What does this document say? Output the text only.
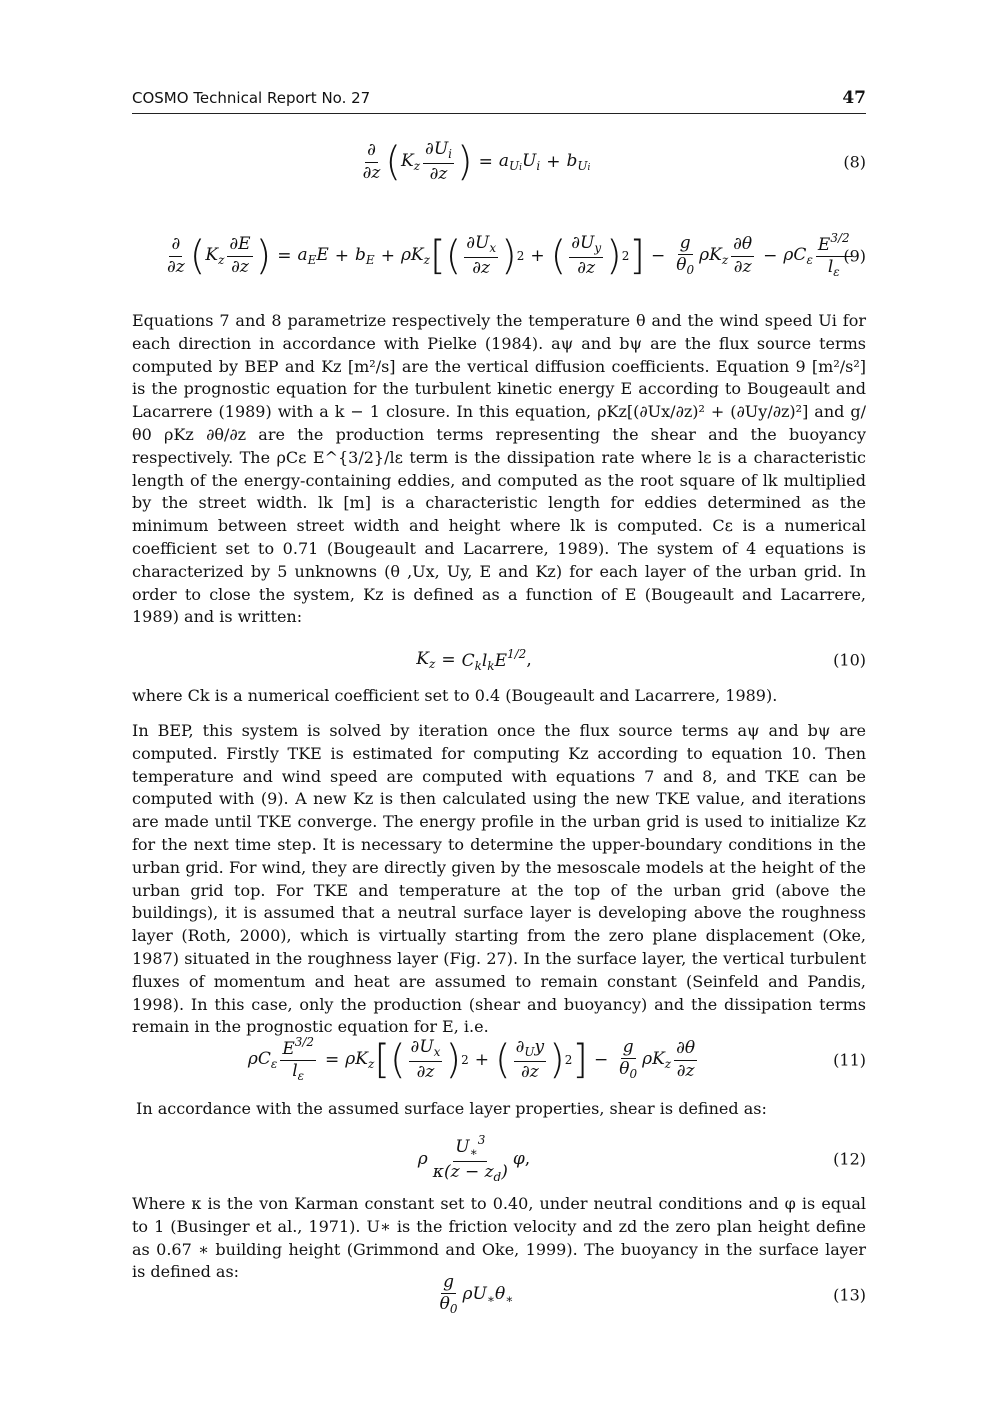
COSMO Technical Report No. 27	47
$\frac{\partial}{\partial z}$ ( $K_z \frac{\partial U_i}{\partial z}$ ) = $a_{Ui}U_i + b_{Ui}$	(8)
$\frac{\partial}{\partial z}$ ( $K_z \frac{\partial E}{\partial z}$ ) = $a_EE + b_E + \rho K_z$ [ ( $\frac{\partial U_x}{\partial z}$ ) 2 + ( $\frac{\partial U_y}{\partial z}$ ) 2 ] − $\frac{g}{\theta_0} \rho K_z \frac{\partial\theta}{\partial z} - \rho C_\varepsilon \frac{E^{3/2}}{l_\varepsilon}$
(9)
Equations 7 and 8 parametrize respectively the temperature θ and the wind speed Ui for each direction in accordance with Pielke (1984). aψ and bψ are the flux source terms computed by BEP and Kz [m²/s] are the vertical diffusion coefficients. Equation 9 [m²/s²] is the prognostic equation for the turbulent kinetic energy E according to Bougeault and Lacarrere (1989) with a k − 1 closure. In this equation, ρKz[(∂Ux/∂z)² + (∂Uy/∂z)²] and g/θ0 ρKz ∂θ/∂z are the production terms representing the shear and the buoyancy respectively. The ρCε E^{3/2}/lε term is the dissipation rate where lε is a characteristic length of the energy-containing eddies, and computed as the root square of lk multiplied by the street width. lk [m] is a characteristic length for eddies determined as the minimum between street width and height where lk is computed. Cε is a numerical coefficient set to 0.71 (Bougeault and Lacarrere, 1989). The system of 4 equations is characterized by 5 unknowns (θ ,Ux, Uy, E and Kz) for each layer of the urban grid. In order to close the system, Kz is defined as a function of E (Bougeault and Lacarrere, 1989) and is written:
$K_z = C_kl_kE^{1/2}$ ,	(10)
where Ck is a numerical coefficient set to 0.4 (Bougeault and Lacarrere, 1989).
In BEP, this system is solved by iteration once the flux source terms aψ and bψ are computed. Firstly TKE is estimated for computing Kz according to equation 10. Then temperature and wind speed are computed with equations 7 and 8, and TKE can be computed with (9). A new Kz is then calculated using the new TKE value, and iterations are made until TKE converge. The energy profile in the urban grid is used to initialize Kz for the next time step. It is necessary to determine the upper-boundary conditions in the urban grid. For wind, they are directly given by the mesoscale models at the height of the urban grid top. For TKE and temperature at the top of the urban grid (above the buildings), it is assumed that a neutral surface layer is developing above the roughness layer (Roth, 2000), which is virtually starting from the zero plane displacement (Oke, 1987) situated in the roughness layer (Fig. 27). In the surface layer, the vertical turbulent fluxes of momentum and heat are assumed to remain constant (Seinfeld and Pandis, 1998). In this case, only the production (shear and buoyancy) and the dissipation terms remain in the prognostic equation for E, i.e.
$\rho C_\varepsilon \frac{E^{3/2}}{l_\varepsilon} = \rho K_z$ [ ( $\frac{\partial U_x}{\partial z}$ ) 2 + ( $\frac{\partial_Uy}{\partial z}$ ) 2 ] − $\frac{g}{\theta_0} \rho K_z \frac{\partial\theta}{\partial z}$	(11)
In accordance with the assumed surface layer properties, shear is defined as:
ρ $\frac{U_∗^3}{\kappa(z - z_d)}$ φ ,	(12)
Where κ is the von Karman constant set to 0.40, under neutral conditions and φ is equal to 1 (Businger et al., 1971). U∗ is the friction velocity and zd the zero plan height define as 0.67 ∗ building height (Grimmond and Oke, 1999). The buoyancy in the surface layer is defined as:
$\frac{g}{\theta_0} \rho U_∗\theta_∗$	(13)
